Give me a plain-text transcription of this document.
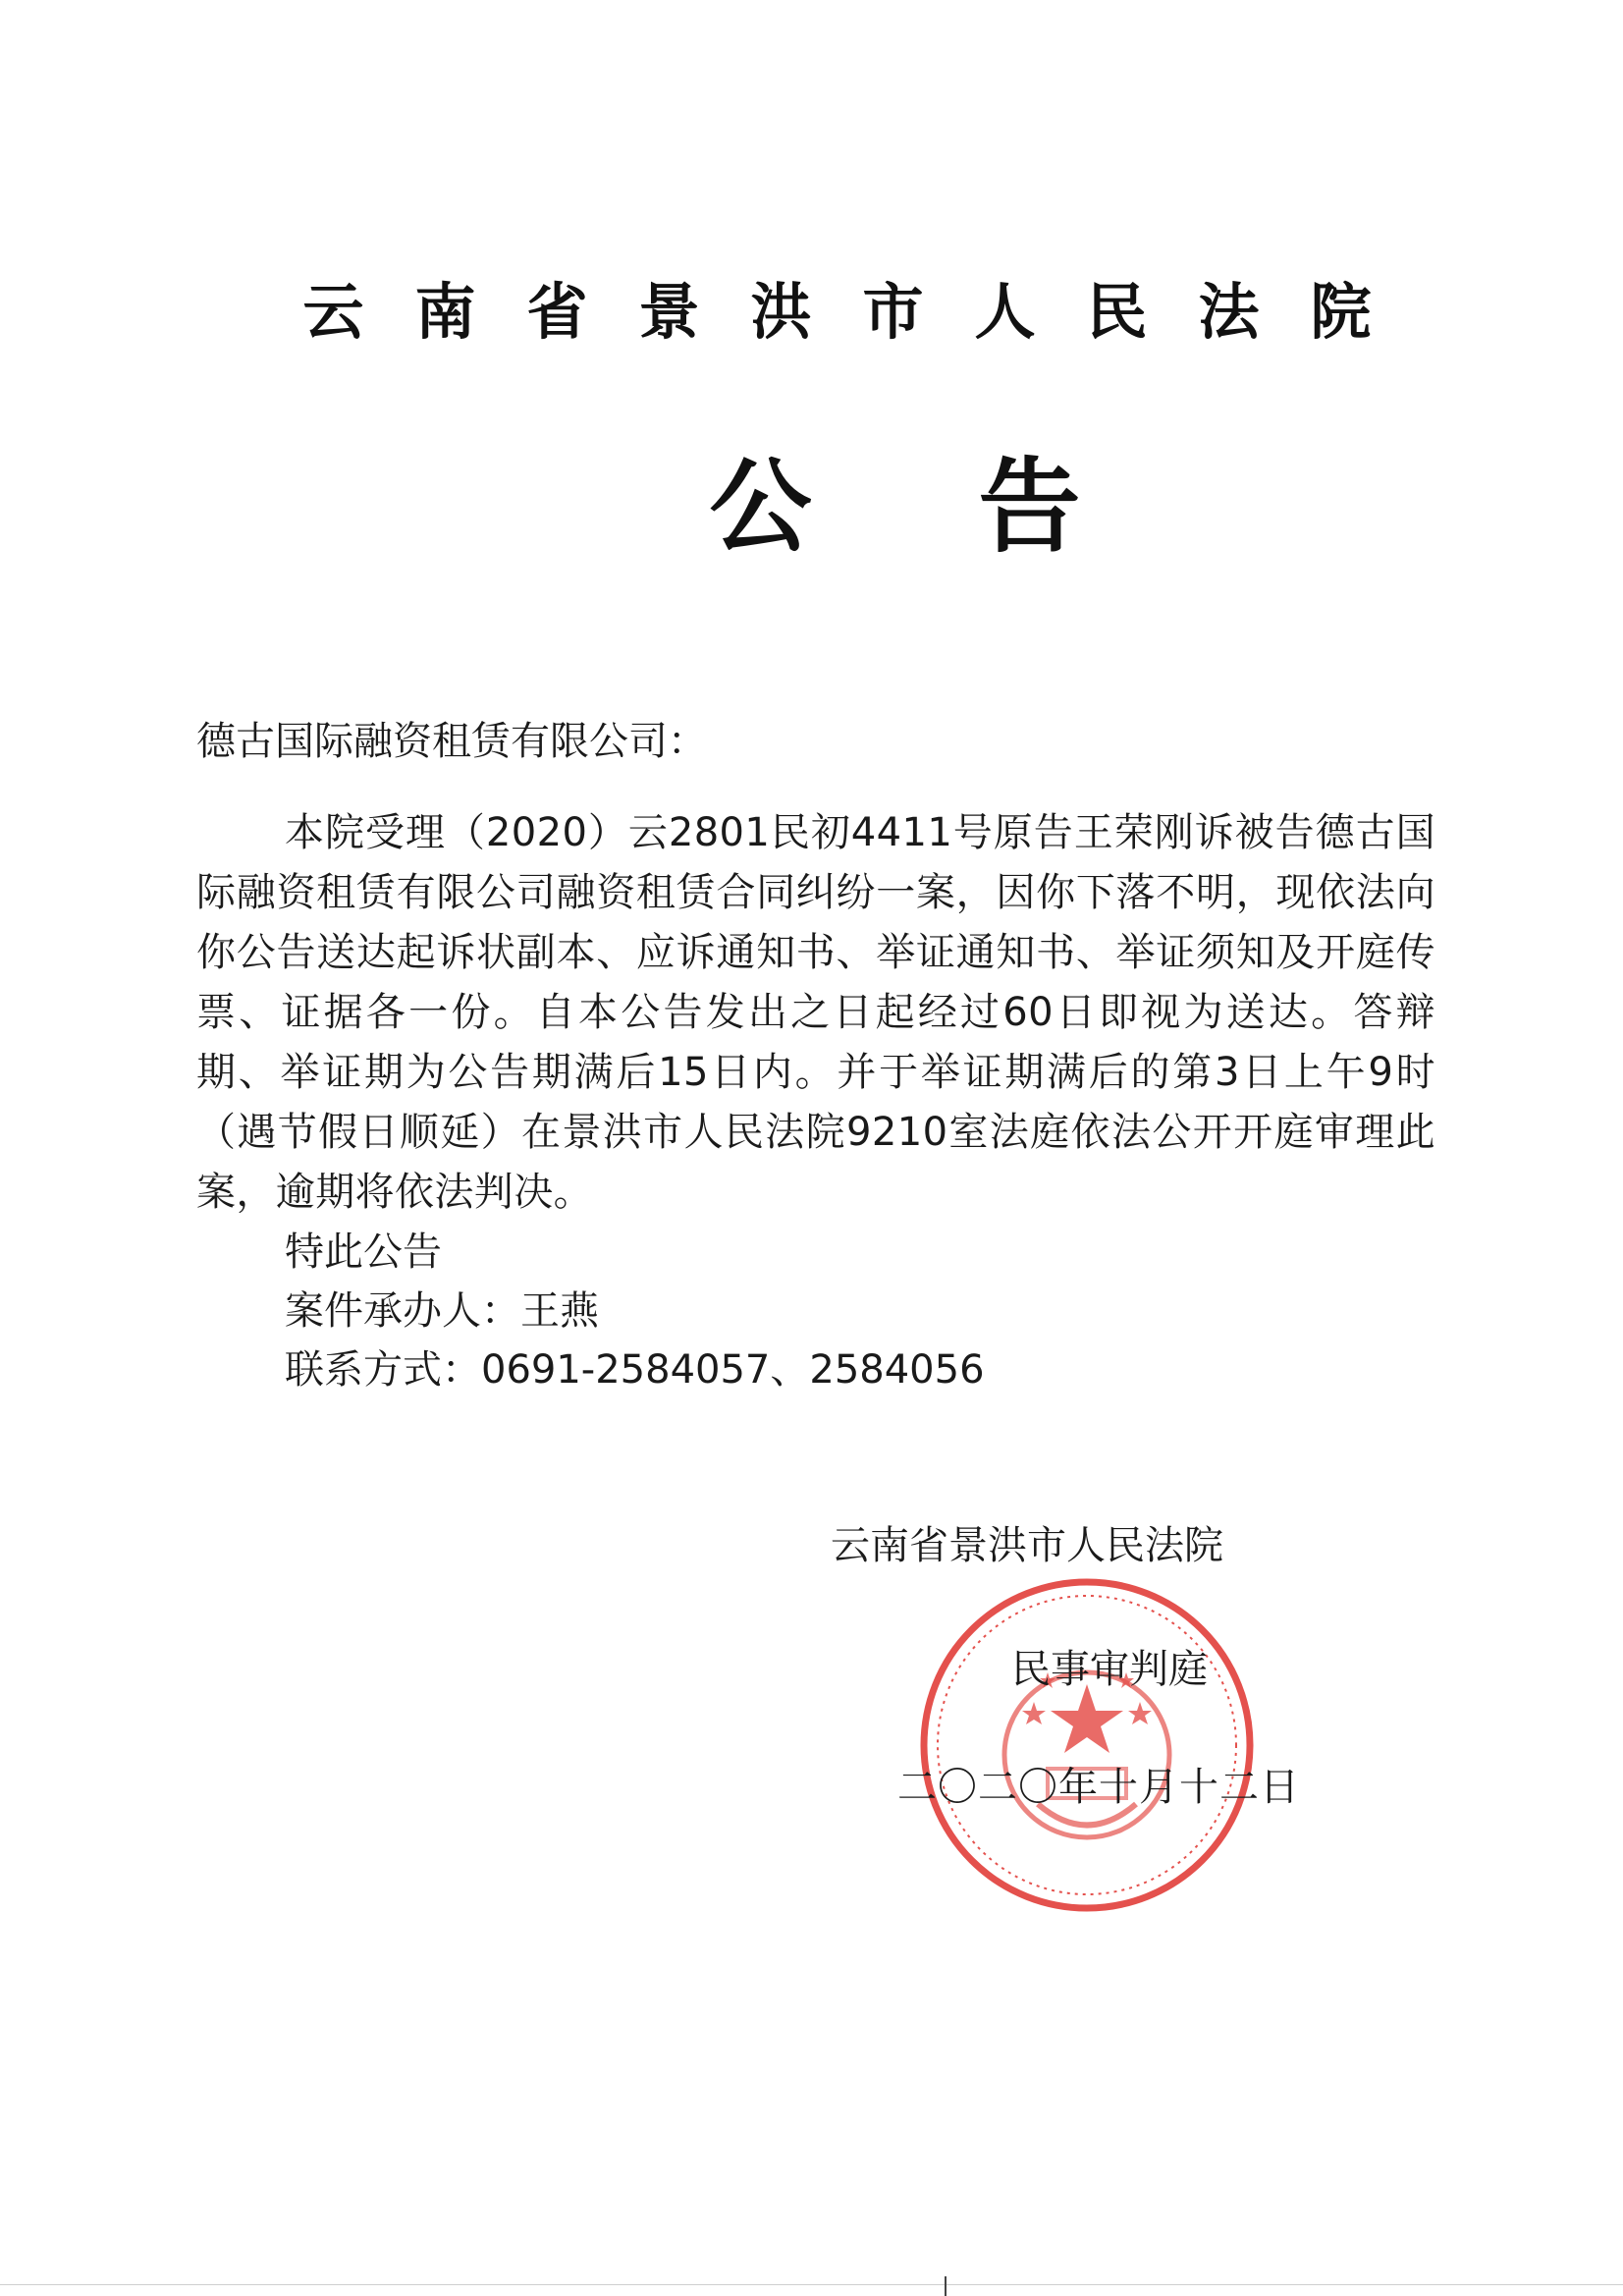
云南省景洪市人民法院
公告
德古国际融资租赁有限公司：
本院受理（2020）云2801民初4411号原告王荣刚诉被告德古国际融资租赁有限公司融资租赁合同纠纷一案，因你下落不明，现依法向你公告送达起诉状副本、应诉通知书、举证通知书、举证须知及开庭传票、证据各一份。自本公告发出之日起经过60日即视为送达。答辩期、举证期为公告期满后15日内。并于举证期满后的第3日上午9时（遇节假日顺延）在景洪市人民法院9210室法庭依法公开开庭审理此案，逾期将依法判决。
特此公告
案件承办人：王燕
联系方式：0691-2584057、2584056
云南省景洪市人民法院
民事审判庭
二〇二〇年十月十二日
